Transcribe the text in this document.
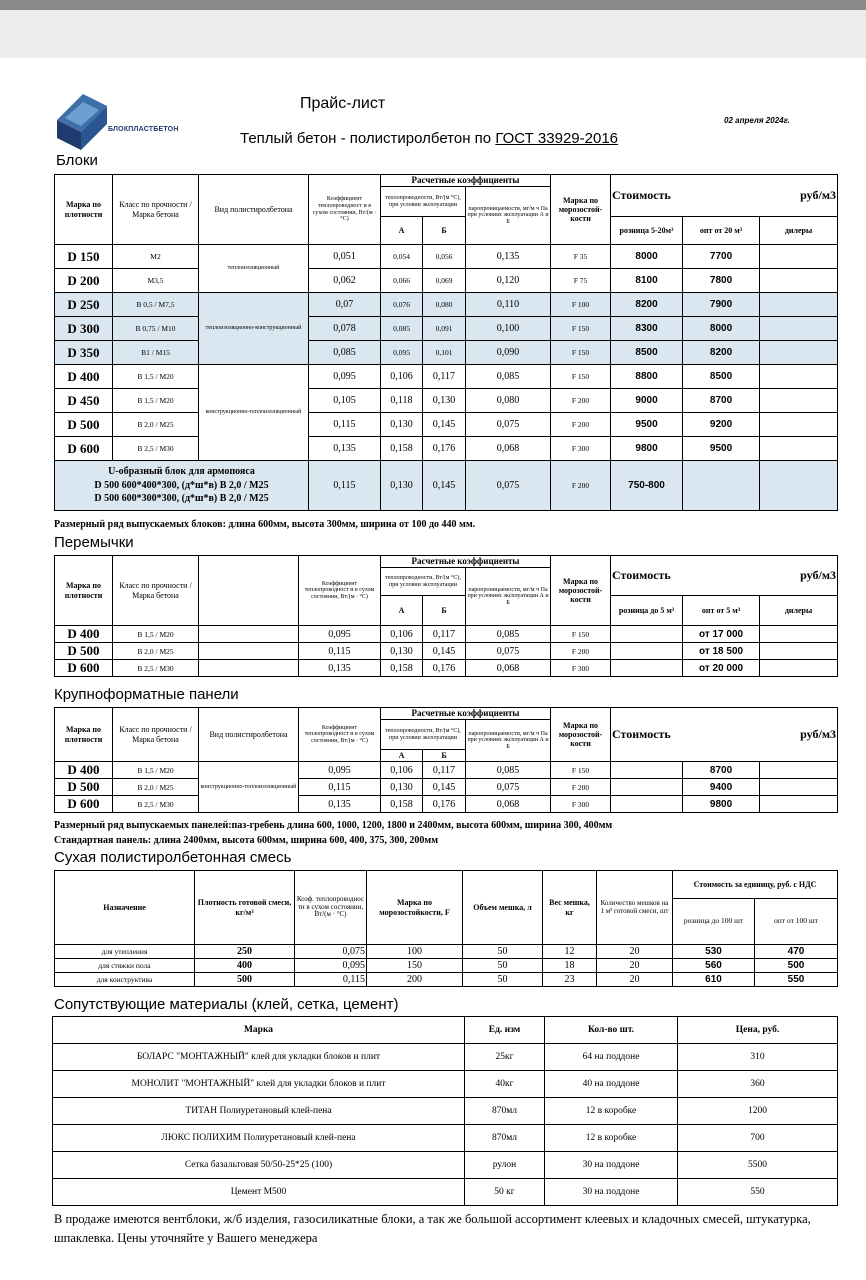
БЛОКПЛАСТБЕТОН
Прайс-лист
02 апреля 2024г.
Теплый бетон - полистиролбетон по ГОСТ 33929-2016
Блоки
Марка по плотности	Класс по прочности / Марка бетона	Вид полистиролбетона	Коэффициент теплопроводност и в сухом состоянии, Вт/(м · °С)	Расчетные коэффициенты			Марка по морозостой-кости	Стоимость		руб/м3
				теплопроводности, Вт/(м °С), при условии эксплуатации		паропроницаемости, мг/м ч Па при условиях эксплуатации А и Б				
				А	Б			розница 5-20м³	опт от 20 м³	дилеры
D 150	М2	теплоизоляционный	0,051	0,054	0,056	0,135	F 35	8000	7700	
D 200	М3,5		0,062	0,066	0,069	0,120	F 75	8100	7800	
D 250	В 0,5 / М7,5	теплоизоляционно-конструкционный	0,07	0,076	0,080	0,110	F 100	8200	7900	
D 300	В 0,75 / М10		0,078	0,085	0,091	0,100	F 150	8300	8000	
D 350	В1 / М15		0,085	0,095	0,101	0,090	F 150	8500	8200	
D 400	В 1,5 / М20	конструкционно-теплоизоляционный	0,095	0,106	0,117	0,085	F 150	8800	8500	
D 450	В 1,5 / М20		0,105	0,118	0,130	0,080	F 200	9000	8700	
D 500	В 2,0 / М25		0,115	0,130	0,145	0,075	F 200	9500	9200	
D 600	В 2,5 / М30		0,135	0,158	0,176	0,068	F 300	9800	9500	

U-образный блок для армопояса
D 500 600*400*300, (д*ш*в) В 2,0 / М25
D 500 600*300*300, (д*ш*в) В 2,0 / М25			0,115	0,130	0,145	0,075	F 200	750-800		
Размерный ряд выпускаемых блоков: длина 600мм, высота 300мм, ширина от 100 до 440 мм.
Перемычки
Марка по плотности	Класс по прочности / Марка бетона		Коэффициент теплопроводност и в сухом состоянии, Вт/(м · °С)	Расчетные коэффициенты			Марка по морозостой-кости	Стоимость		руб/м3
				теплопроводности, Вт/(м °С), при условии эксплуатации		паропроницаемости, мг/м ч Па при условиях эксплуатации А и Б				
				А	Б			розница до 5 м³	опт от 5 м³	дилеры
D 400	В 1,5 / М20		0,095	0,106	0,117	0,085	F 150		от 17 000	
D 500	В 2,0 / М25		0,115	0,130	0,145	0,075	F 200		от 18 500	
D 600	В 2,5 / М30		0,135	0,158	0,176	0,068	F 300		от 20 000	
Крупноформатные панели
Марка по плотности	Класс по прочности / Марка бетона	Вид полистиролбетона	Коэффициент теплопроводност и в сухом состоянии, Вт/(м · °С)	Расчетные коэффициенты			Марка по морозостой-кости	Стоимость		руб/м3
				теплопроводности, Вт/(м °С), при условии эксплуатации		паропроницаемости, мг/м ч Па при условиях эксплуатации А и Б				
				А	Б					
D 400	В 1,5 / М20	конструкционно-теплоизоляционный	0,095	0,106	0,117	0,085	F 150		8700	
D 500	В 2,0 / М25		0,115	0,130	0,145	0,075	F 200		9400	
D 600	В 2,5 / М30		0,135	0,158	0,176	0,068	F 300		9800	
Размерный ряд выпускаемых панелей:паз-гребень длина 600, 1000, 1200, 1800 и 2400мм, высота 600мм, ширина 300, 400мм
Стандартная панель: длина 2400мм, высота 600мм, ширина 600, 400, 375, 300, 200мм
Сухая полистиролбетонная смесь
Назначение	Плотность готовой смеси, кг/м³	Коэф. теплопроводнос ти в сухом состоянии, Вт/(м · °С)	Марка по морозостойкости, F	Объем мешка, л	Вес мешка, кг	Количество мешков на 1 м³ готовой смеси, шт	Стоимость за единицу, руб. с НДС	
							розница до 100 шт	опт от 100 шт
для утепления	250	0,075	100	50	12	20	530	470
для стяжки пола	400	0,095	150	50	18	20	560	500
для конструктива	500	0,115	200	50	23	20	610	550
Сопутствующие материалы (клей, сетка, цемент)
Марка	Ед. изм	Кол-во шт.	Цена, руб.
БОЛАРС "МОНТАЖНЫЙ" клей для укладки блоков и плит	25кг	64 на поддоне	310
МОНОЛИТ "МОНТАЖНЫЙ" клей для укладки блоков и плит	40кг	40 на поддоне	360
ТИТАН Полиуретановый клей-пена	870мл	12 в коробке	1200
ЛЮКС ПОЛИХИМ Полиуретановый клей-пена	870мл	12 в коробке	700
Сетка базальтовая 50/50-25*25 (100)	рулон	30 на поддоне	5500
Цемент М500	50 кг	30 на поддоне	550
В продаже имеются вентблоки, ж/б изделия, газосиликатные блоки, а так же большой ассортимент клеевых и кладочных смесей, штукатурка, шпаклевка. Цены уточняйте у Вашего менеджера
